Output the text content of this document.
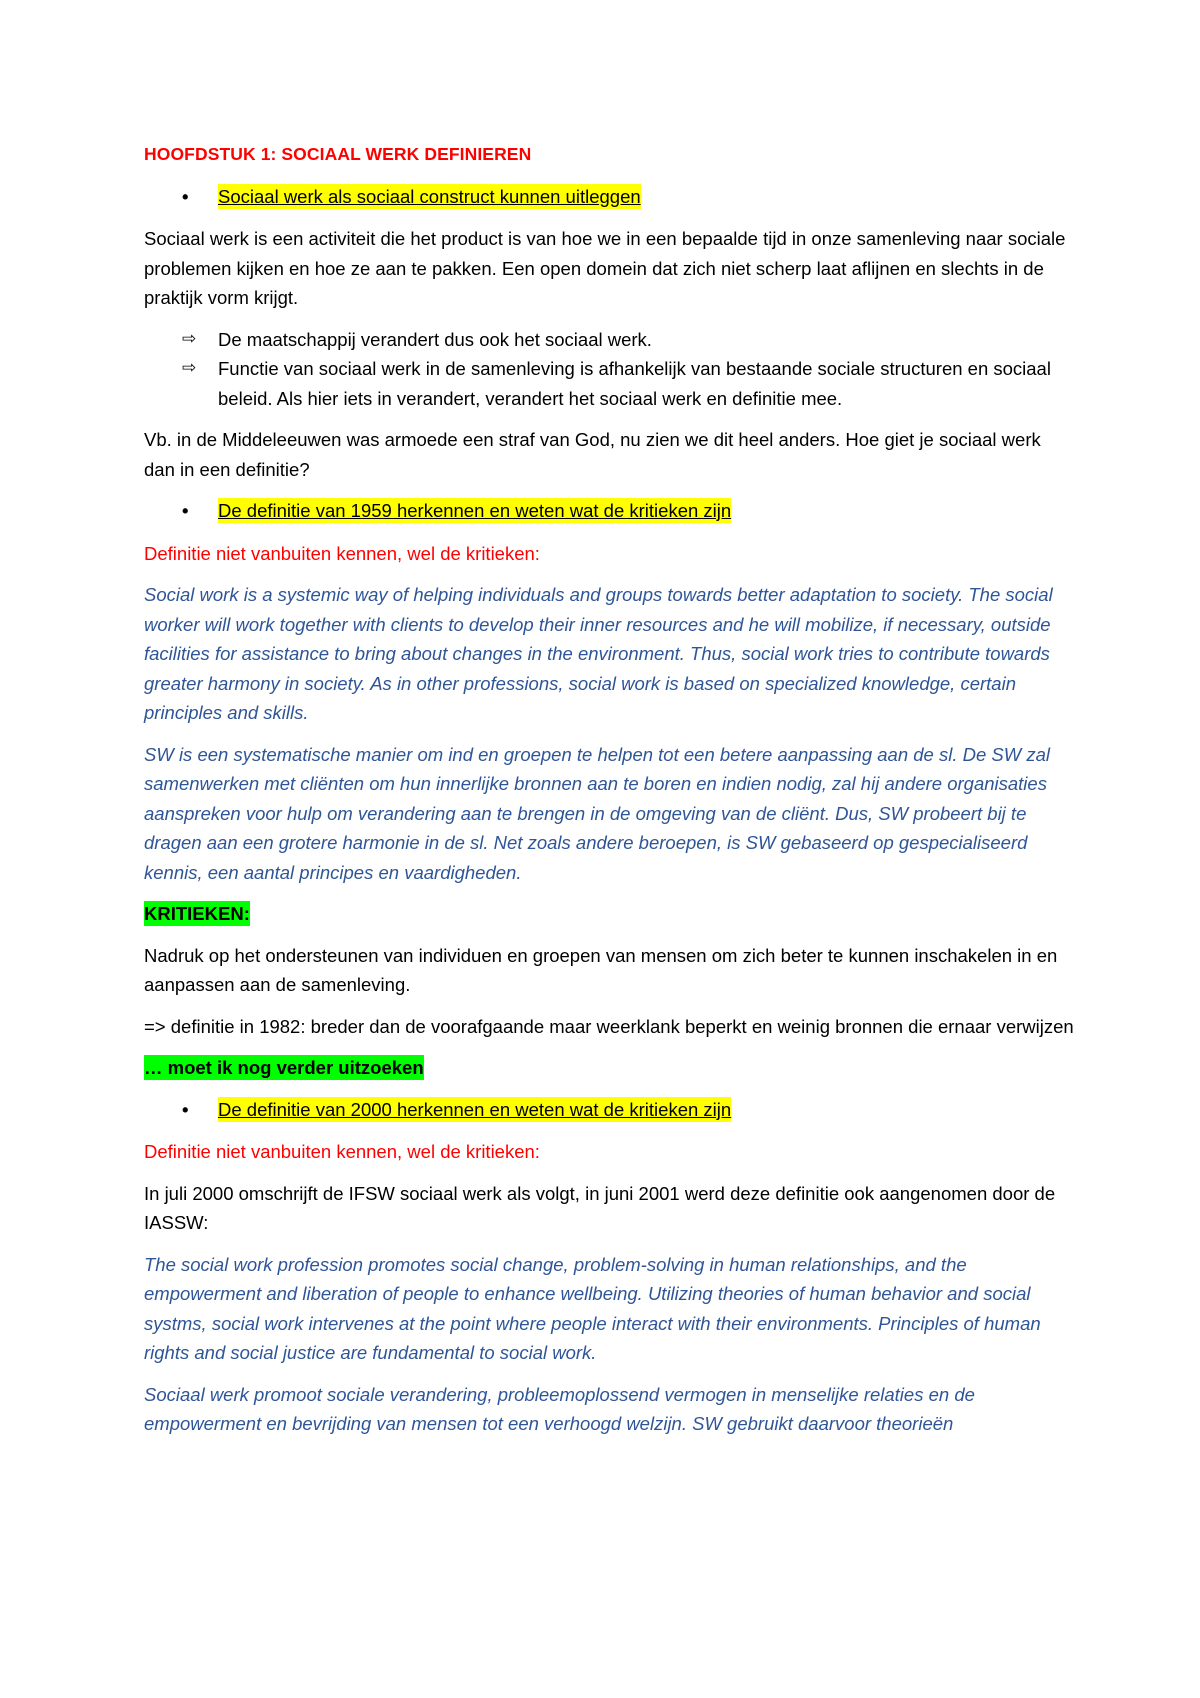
HOOFDSTUK 1: SOCIAAL WERK DEFINIEREN

• Sociaal werk als sociaal construct kunnen uitleggen

Sociaal werk is een activiteit die het product is van hoe we in een bepaalde tijd in onze samenleving naar sociale problemen kijken en hoe ze aan te pakken. Een open domein dat zich niet scherp laat aflijnen en slechts in de praktijk vorm krijgt.

⇨ De maatschappij verandert dus ook het sociaal werk.
⇨ Functie van sociaal werk in de samenleving is afhankelijk van bestaande sociale structuren en sociaal beleid. Als hier iets in verandert, verandert het sociaal werk en definitie mee.

Vb. in de Middeleeuwen was armoede een straf van God, nu zien we dit heel anders. Hoe giet je sociaal werk dan in een definitie?

• De definitie van 1959 herkennen en weten wat de kritieken zijn

Definitie niet vanbuiten kennen, wel de kritieken:

Social work is a systemic way of helping individuals and groups towards better adaptation to society. The social worker will work together with clients to develop their inner resources and he will mobilize, if necessary, outside facilities for assistance to bring about changes in the environment. Thus, social work tries to contribute towards greater harmony in society. As in other professions, social work is based on specialized knowledge, certain principles and skills.

SW is een systematische manier om ind en groepen te helpen tot een betere aanpassing aan de sl. De SW zal samenwerken met cliënten om hun innerlijke bronnen aan te boren en indien nodig, zal hij andere organisaties aanspreken voor hulp om verandering aan te brengen in de omgeving van de cliënt. Dus, SW probeert bij te dragen aan een grotere harmonie in de sl. Net zoals andere beroepen, is SW gebaseerd op gespecialiseerd kennis, een aantal principes en vaardigheden.

KRITIEKEN:

Nadruk op het ondersteunen van individuen en groepen van mensen om zich beter te kunnen inschakelen in en aanpassen aan de samenleving.

=> definitie in 1982: breder dan de voorafgaande maar weerklank beperkt en weinig bronnen die ernaar verwijzen

… moet ik nog verder uitzoeken

• De definitie van 2000 herkennen en weten wat de kritieken zijn

Definitie niet vanbuiten kennen, wel de kritieken:

In juli 2000 omschrijft de IFSW sociaal werk als volgt, in juni 2001 werd deze definitie ook aangenomen door de IASSW:

The social work profession promotes social change, problem-solving in human relationships, and the empowerment and liberation of people to enhance wellbeing. Utilizing theories of human behavior and social systms, social work intervenes at the point where people interact with their environments. Principles of human rights and social justice are fundamental to social work.

Sociaal werk promoot sociale verandering, probleemoplossend vermogen in menselijke relaties en de empowerment en bevrijding van mensen tot een verhoogd welzijn. SW gebruikt daarvoor theorieën
